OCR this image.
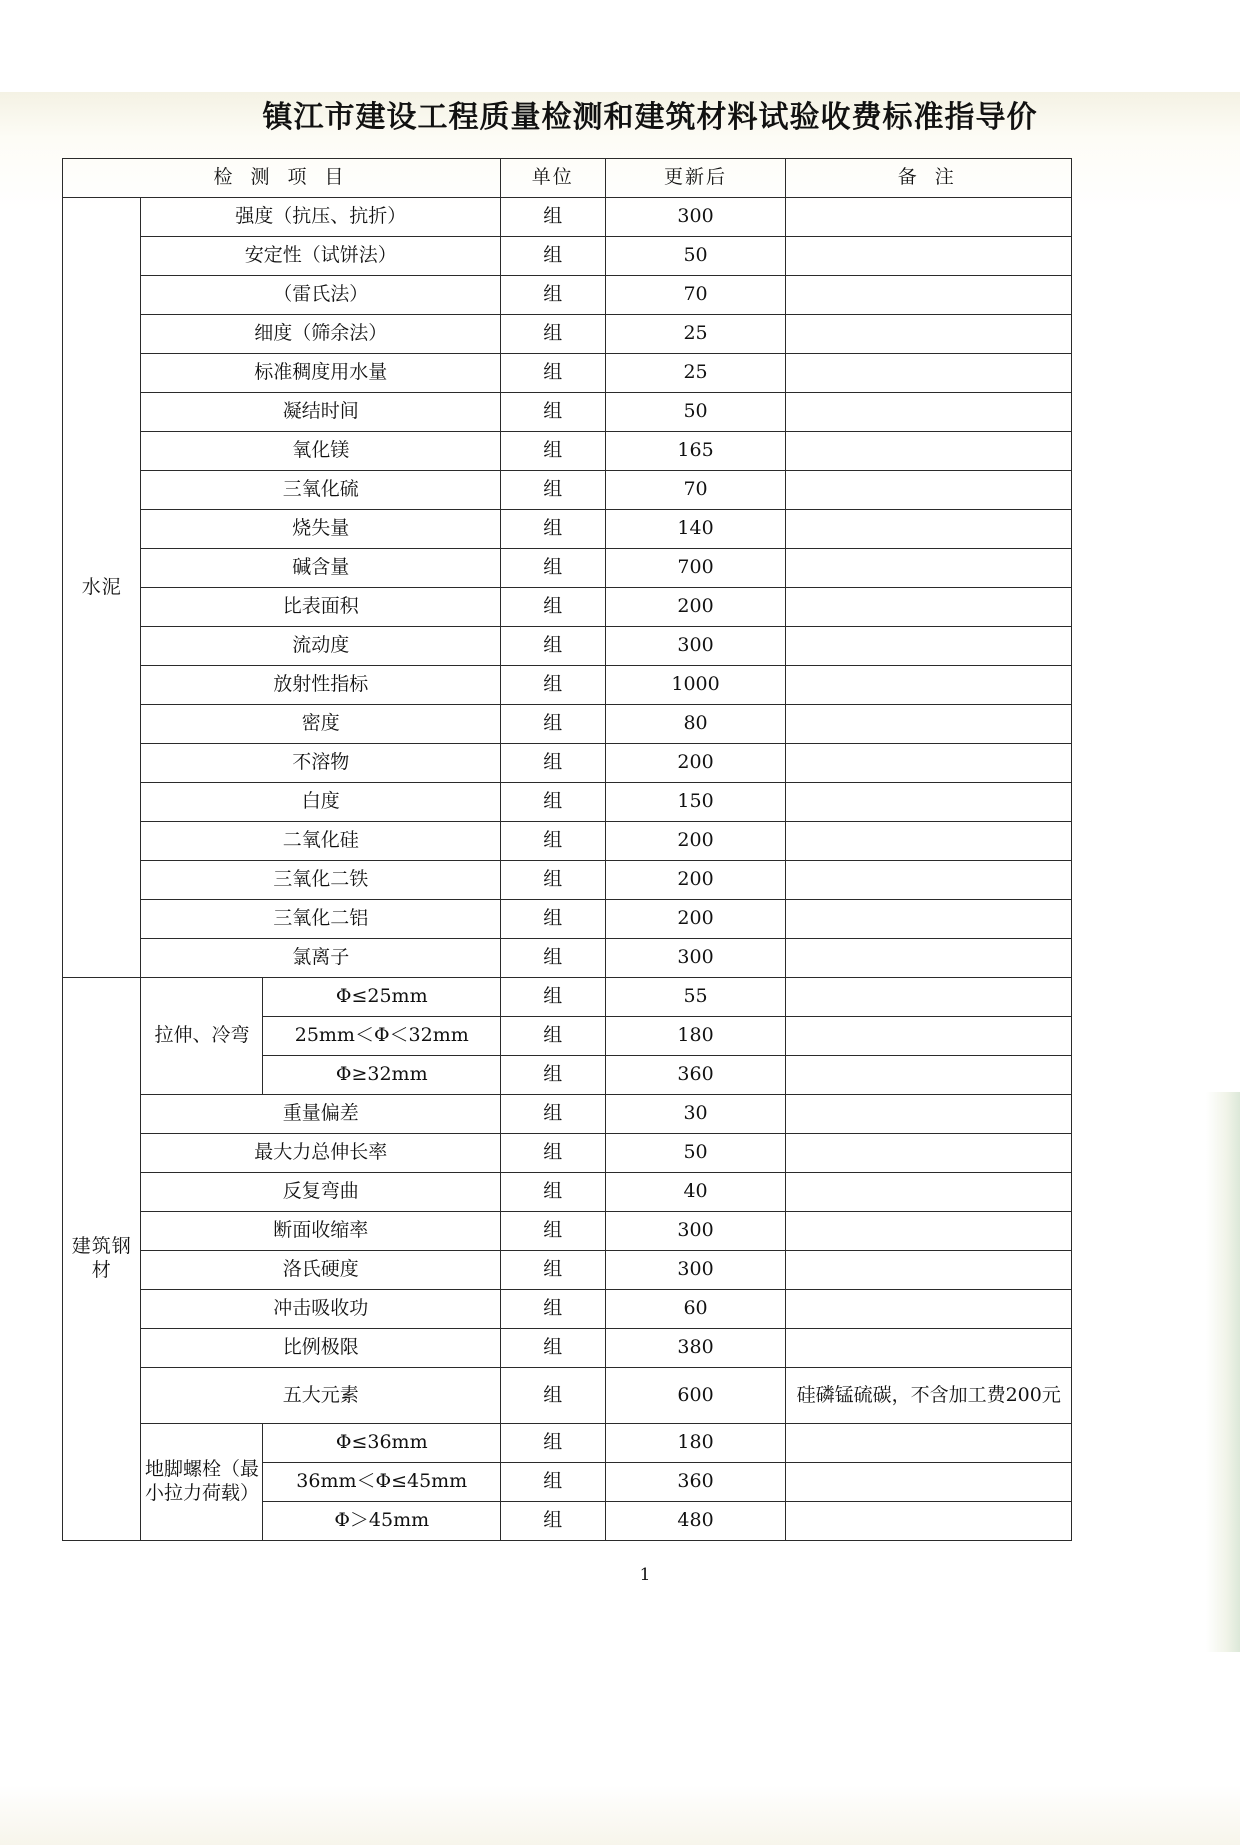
镇江市建设工程质量检测和建筑材料试验收费标准指导价
检 测 项 目			单位	更新后	备 注
水泥	强度（抗压、抗折）		组	300	
	安定性（试饼法）		组	50	
	（雷氏法）		组	70	
	细度（筛余法）		组	25	
	标准稠度用水量		组	25	
	凝结时间		组	50	
	氧化镁		组	165	
	三氧化硫		组	70	
	烧失量		组	140	
	碱含量		组	700	
	比表面积		组	200	
	流动度		组	300	
	放射性指标		组	1000	
	密度		组	80	
	不溶物		组	200	
	白度		组	150	
	二氧化硅		组	200	
	三氧化二铁		组	200	
	三氧化二铝		组	200	
	氯离子		组	300	
建筑钢材	拉伸、冷弯	Φ≤25mm	组	55	
		25mm＜Φ＜32mm	组	180	
		Φ≥32mm	组	360	
	重量偏差		组	30	
	最大力总伸长率		组	50	
	反复弯曲		组	40	
	断面收缩率		组	300	
	洛氏硬度		组	300	
	冲击吸收功		组	60	
	比例极限		组	380	
	五大元素		组	600	硅磷锰硫碳，不含加工费200元
	地脚螺栓（最小拉力荷载）	Φ≤36mm	组	180	
		36mm＜Φ≤45mm	组	360	
		Φ＞45mm	组	480	
1
